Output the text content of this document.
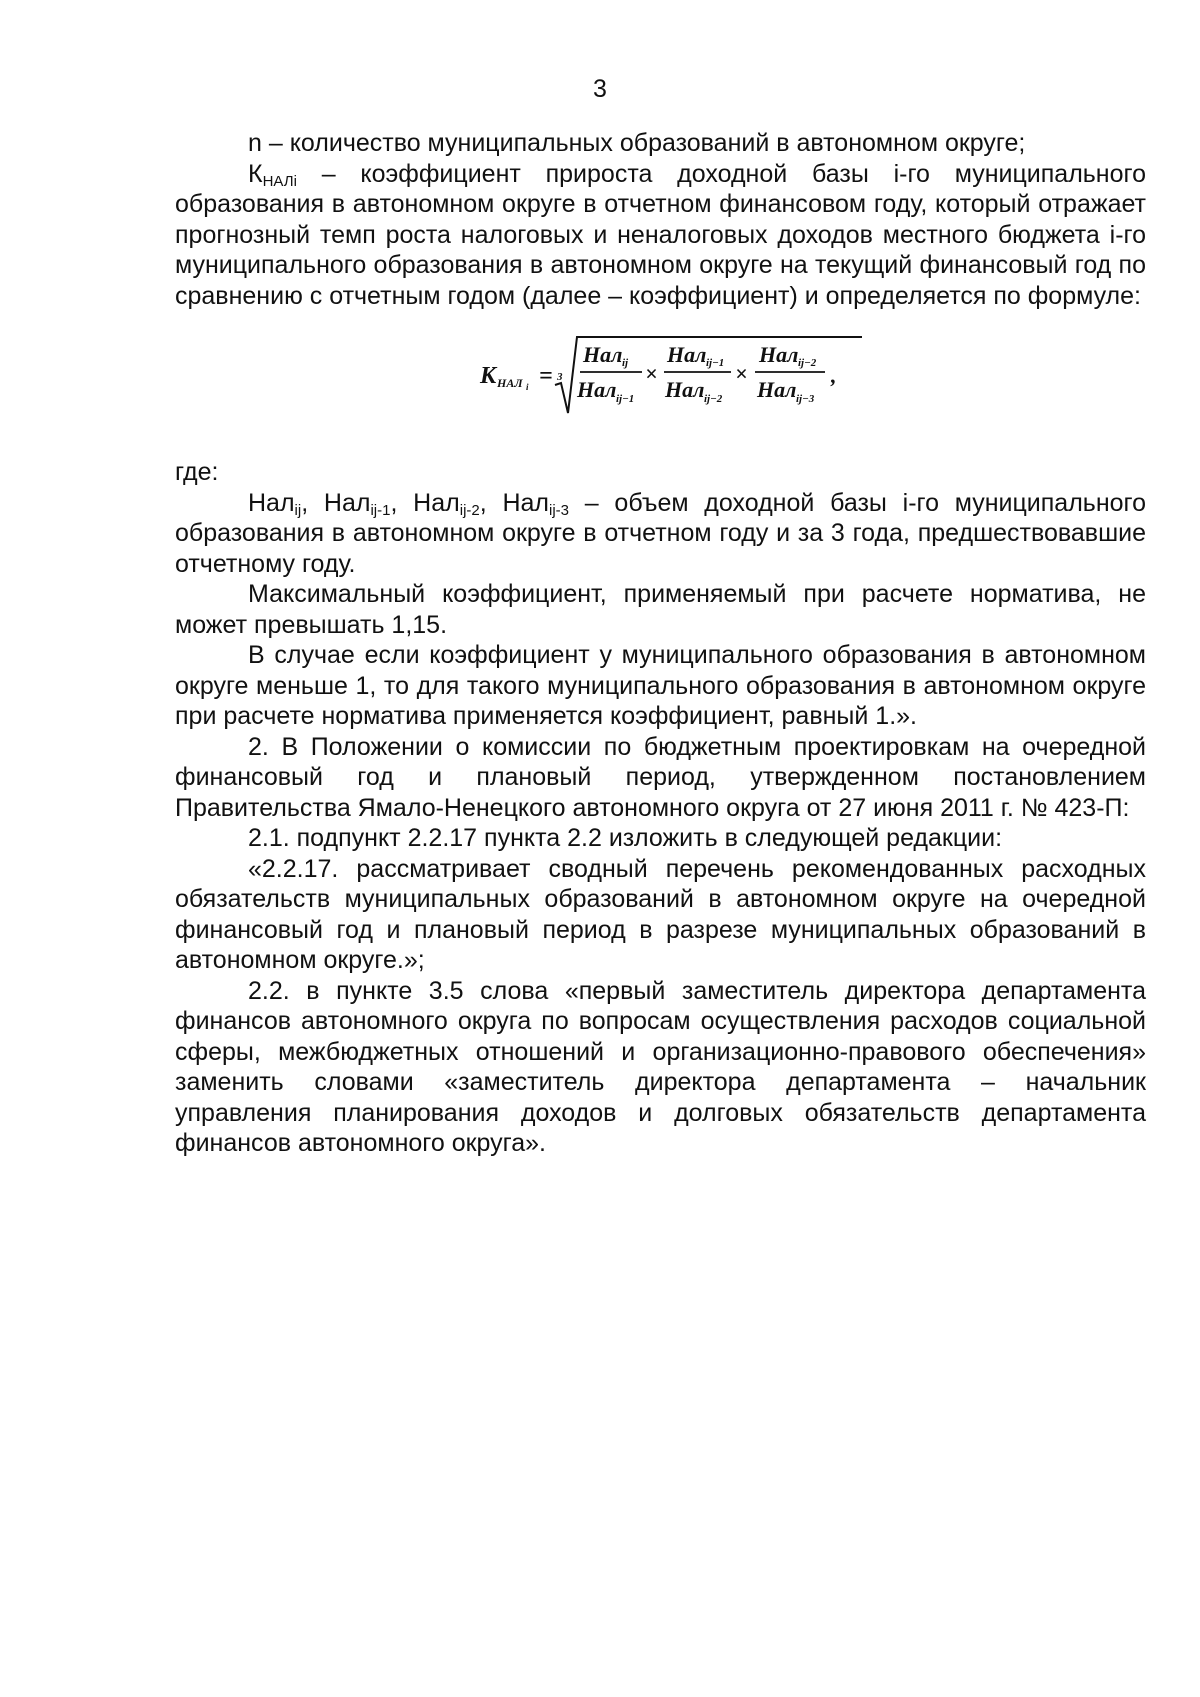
3

n – количество муниципальных образований в автономном округе;

$К_{НАЛi}$ – коэффициент прироста доходной базы i-го муниципального образования в автономном округе в отчетном финансовом году, который отражает прогнозный темп роста налоговых и неналоговых доходов местного бюджета i-го муниципального образования в автономном округе на текущий финансовый год по сравнению с отчетным годом (далее – коэффициент) и определяется по формуле:

К НАЛ i = 3
Нал ij
Нал ij−1
×
Нал ij−1
Нал ij−2
×
Нал ij−2
Нал ij−3
,

где:

Нал$_{ij}$, Нал$_{ij-1}$, Нал$_{ij-2}$, Нал$_{ij-3}$ – объем доходной базы i-го муниципального образования в автономном округе в отчетном году и за 3 года, предшествовавшие отчетному году.

Максимальный коэффициент, применяемый при расчете норматива, не может превышать 1,15.

В случае если коэффициент у муниципального образования в автономном округе меньше 1, то для такого муниципального образования в автономном округе при расчете норматива применяется коэффициент, равный 1.».

2. В Положении о комиссии по бюджетным проектировкам на очередной финансовый год и плановый период, утвержденном постановлением Правительства Ямало-Ненецкого автономного округа от 27 июня 2011 г. № 423-П:

2.1. подпункт 2.2.17 пункта 2.2 изложить в следующей редакции:

«2.2.17. рассматривает сводный перечень рекомендованных расходных обязательств муниципальных образований в автономном округе на очередной финансовый год и плановый период в разрезе муниципальных образований в автономном округе.»;

2.2. в пункте 3.5 слова «первый заместитель директора департамента финансов автономного округа по вопросам осуществления расходов социальной сферы, межбюджетных отношений и организационно-правового обеспечения» заменить словами «заместитель директора департамента – начальник управления планирования доходов и долговых обязательств департамента финансов автономного округа».
